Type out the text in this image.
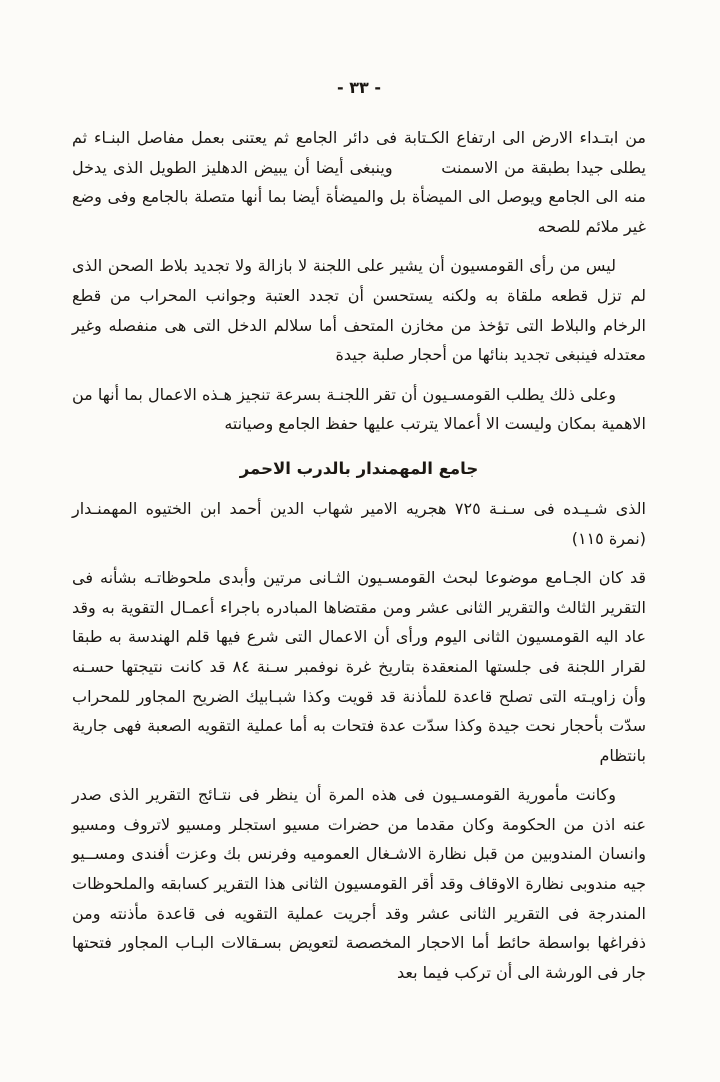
- ٣٣ -

من ابتـداء الارض الى ارتفاع الكـتابة فى دائر الجامع ثم يعتنى بعمل مفاصل البنـاء ثم يطلى جيدا بطبقة من الاسمنت        وينبغى أيضا أن يبيض الدهليز الطويل الذى يدخل منه الى الجامع ويوصل الى الميضأة بل والميضأة أيضا بما أنها متصلة بالجامع وفى وضع غير ملائم للصحه

ليس من رأى القومسيون أن يشير على اللجنة لا بازالة ولا تجديد بلاط الصحن الذى لم تزل قطعه ملقاة به ولكنه يستحسن أن تجدد العتبة وجوانب المحراب من قطع الرخام والبلاط التى تؤخذ من مخازن المتحف أما سلالم الدخل التى هى منفصله وغير معتدله فينبغى تجديد بنائها من أحجار صلبة جيدة

وعلى ذلك يطلب القومسـيون أن تقر اللجنـة بسرعة تنجيز هـذه الاعمال بما أنها من الاهمية بمكان وليست الا أعمالا يترتب عليها حفظ الجامع وصيانته

جامع المهمندار بالدرب الاحمر

الذى شـيـده فى سـنـة ٧٢٥ هجريه الامير شهاب الدين أحمد ابن الختيوه المهمنـدار (نمرة ١١٥)

قد كان الجـامع موضوعا لبحث القومسـيون الثـانى مرتين وأبدى ملحوظاتـه بشأنه فى التقرير الثالث والتقرير الثانى عشر ومن مقتضاها المبادره باجراء أعمـال التقوية به وقد عاد اليه القومسيون الثانى اليوم ورأى أن الاعمال التى شرع فيها قلم الهندسة به طبقا لقرار اللجنة فى جلستها المنعقدة بتاريخ غرة نوفمبر سـنة ٨٤ قد كانت نتيجتها حسـنه وأن زاويـته التى تصلح قاعدة للمأذنة قد قويت وكذا شبـابيك الضريح المجاور للمحراب سدّت بأحجار نحت جيدة وكذا سدّت عدة فتحات به أما عملية التقويه الصعبة فهى جارية بانتظام

وكانت مأمورية القومسـيون فى هذه المرة أن ينظر فى نتـائج التقرير الذى صدر عنه اذن من الحكومة وكان مقدما من حضرات مسيو استجلر ومسيو لاتروف ومسيو وانسان المندوبين من قبل نظارة الاشـغال العموميه وفرنس بك وعزت أفندى ومســيو جيه مندوبى نظارة الاوقاف وقد أقر القومسيون الثانى هذا التقرير كسابقه والملحوظات المندرجة فى التقرير الثانى عشر وقد أجريت عملية التقويه فى قاعدة مأذنته ومن ذفراغها بواسطة حائط أما الاحجار المخصصة لتعويض بسـقالات البـاب المجاور فتحتها جار فى الورشة الى أن تركب فيما بعد
